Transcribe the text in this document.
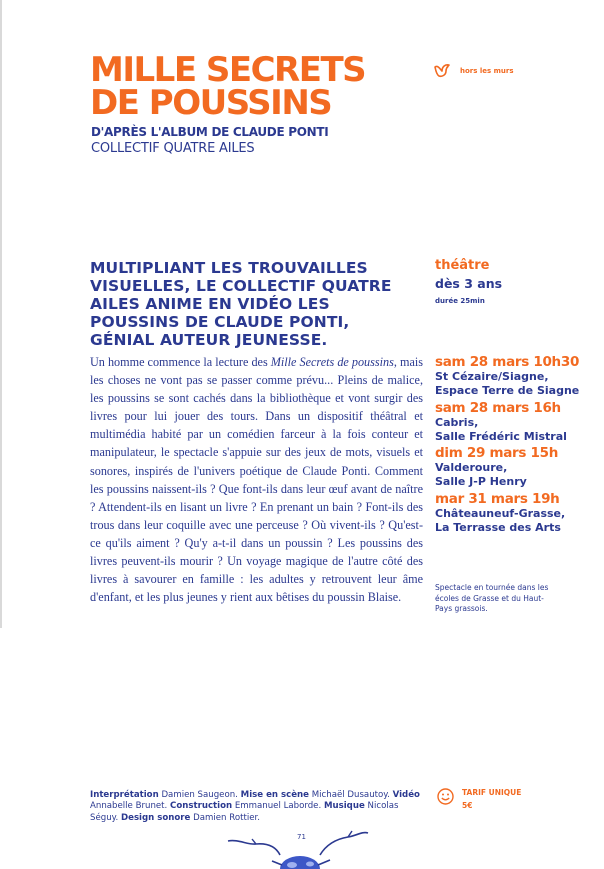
MILLE SECRETS
DE POUSSINS
D'APRÈS L'ALBUM DE CLAUDE PONTI
COLLECTIF QUATRE AILES
hors les murs

MULTIPLIANT LES TROUVAILLES VISUELLES, LE COLLECTIF QUATRE AILES ANIME EN VIDÉO LES POUSSINS DE CLAUDE PONTI, GÉNIAL AUTEUR JEUNESSE.

Un homme commence la lecture des Mille Secrets de poussins, mais les choses ne vont pas se passer comme prévu... Pleins de malice, les poussins se sont cachés dans la bibliothèque et vont surgir des livres pour lui jouer des tours. Dans un dispositif théâtral et multimédia habité par un comédien farceur à la fois conteur et manipulateur, le spectacle s'appuie sur des jeux de mots, visuels et sonores, inspirés de l'univers poétique de Claude Ponti. Comment les poussins naissent-ils ? Que font-ils dans leur œuf avant de naître ? Attendent-ils en lisant un livre ? En prenant un bain ? Font-ils des trous dans leur coquille avec une perceuse ? Où vivent-ils ? Qu'est-ce qu'ils aiment ? Qu'y a-t-il dans un poussin ? Les poussins des livres peuvent-ils mourir ? Un voyage magique de l'autre côté des livres à savourer en famille : les adultes y retrouvent leur âme d'enfant, et les plus jeunes y rient aux bêtises du poussin Blaise.

théâtre
dès 3 ans
durée 25min
sam 28 mars 10h30
St Cézaire/Siagne,
Espace Terre de Siagne
sam 28 mars 16h
Cabris,
Salle Frédéric Mistral
dim 29 mars 15h
Valderoure,
Salle J-P Henry
mar 31 mars 19h
Châteauneuf-Grasse,
La Terrasse des Arts
Spectacle en tournée dans les écoles de Grasse et du Haut-Pays grassois.

Interprétation Damien Saugeon. Mise en scène Michaël Dusautoy. Vidéo Annabelle Brunet. Construction Emmanuel Laborde. Musique Nicolas Séguy. Design sonore Damien Rottier.

TARIF UNIQUE
5€
71
